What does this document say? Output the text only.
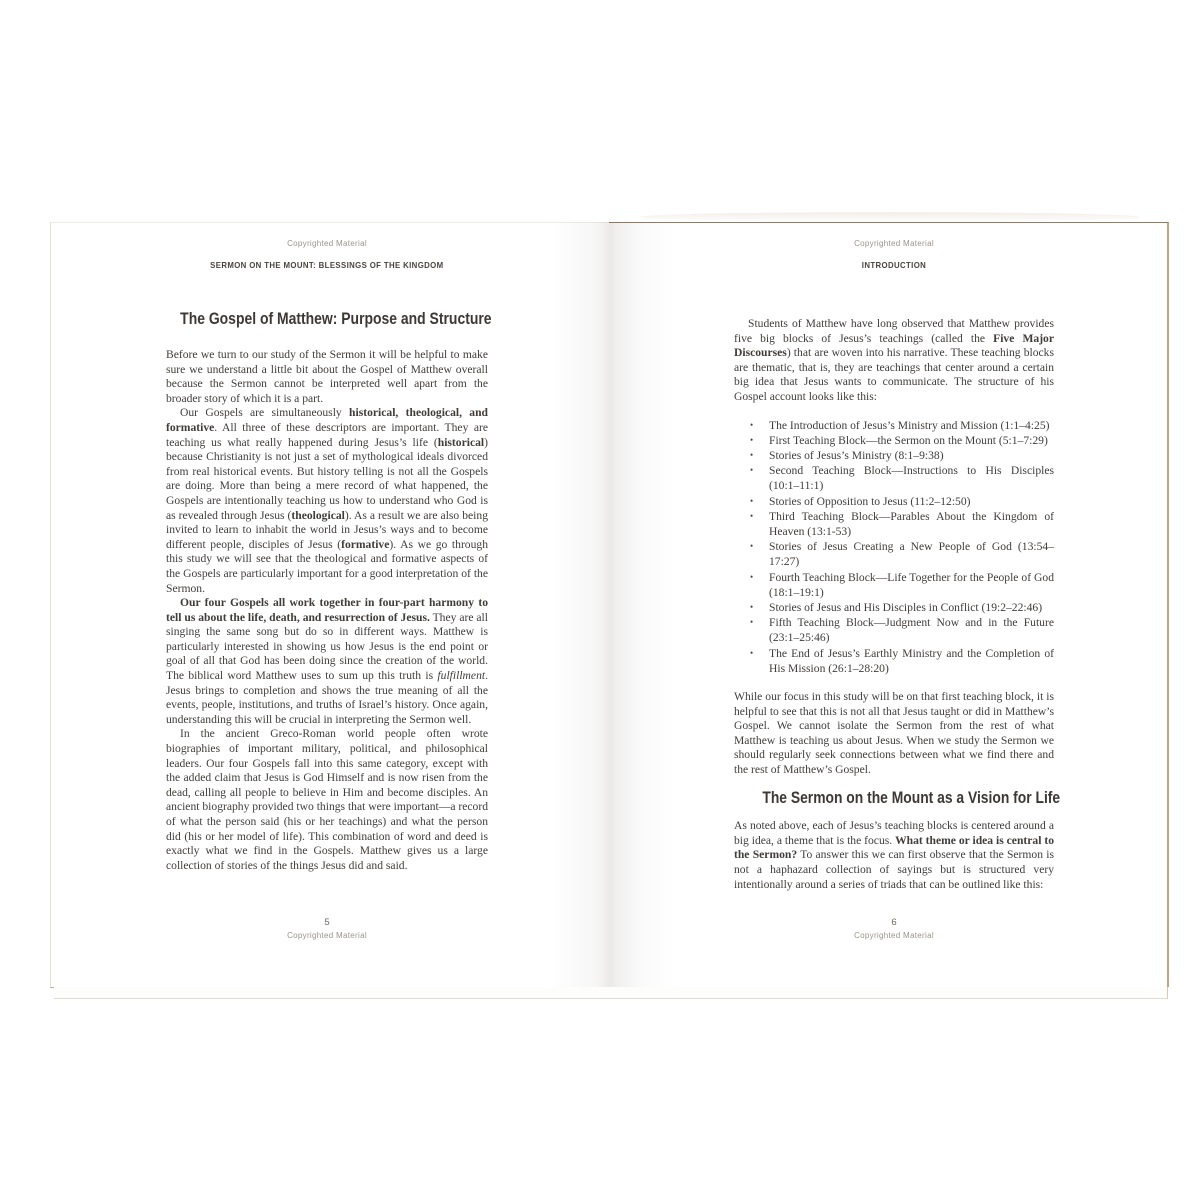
Copyrighted Material
SERMON ON THE MOUNT: BLESSINGS OF THE KINGDOM
The Gospel of Matthew: Purpose and Structure

Before we turn to our study of the Sermon it will be helpful to make sure we understand a little bit about the Gospel of Matthew overall because the Sermon cannot be interpreted well apart from the broader story of which it is a part.

Our Gospels are simultaneously historical, theological, and formative. All three of these descriptors are important. They are teaching us what really happened during Jesus’s life (historical) because Christianity is not just a set of mythological ideals divorced from real historical events. But history telling is not all the Gospels are doing. More than being a mere record of what happened, the Gospels are intentionally teaching us how to understand who God is as revealed through Jesus (theological). As a result we are also being invited to learn to inhabit the world in Jesus’s ways and to become different people, disciples of Jesus (formative). As we go through this study we will see that the theological and formative aspects of the Gospels are particularly important for a good interpretation of the Sermon.

Our four Gospels all work together in four-part harmony to tell us about the life, death, and resurrection of Jesus. They are all singing the same song but do so in different ways. Matthew is particularly interested in showing us how Jesus is the end point or goal of all that God has been doing since the creation of the world. The biblical word Matthew uses to sum up this truth is fulfillment. Jesus brings to completion and shows the true meaning of all the events, people, institutions, and truths of Israel’s history. Once again, understanding this will be crucial in interpreting the Sermon well.

In the ancient Greco-Roman world people often wrote biographies of important military, political, and philosophical leaders. Our four Gospels fall into this same category, except with the added claim that Jesus is God Himself and is now risen from the dead, calling all people to believe in Him and become disciples. An ancient biography provided two things that were important—a record of what the person said (his or her teachings) and what the person did (his or her model of life). This combination of word and deed is exactly what we find in the Gospels. Matthew gives us a large collection of stories of the things Jesus did and said.

5
Copyrighted Material
Copyrighted Material
INTRODUCTION

Students of Matthew have long observed that Matthew provides five big blocks of Jesus’s teachings (called the Five Major Discourses) that are woven into his narrative. These teaching blocks are thematic, that is, they are teachings that center around a certain big idea that Jesus wants to communicate. The structure of his Gospel account looks like this:

• The Introduction of Jesus’s Ministry and Mission (1:1–4:25)
• First Teaching Block—the Sermon on the Mount (5:1–7:29)
• Stories of Jesus’s Ministry (8:1–9:38)
• Second Teaching Block—Instructions to His Disciples (10:1–11:1)
• Stories of Opposition to Jesus (11:2–12:50)
• Third Teaching Block—Parables About the Kingdom of Heaven (13:1-53)
• Stories of Jesus Creating a New People of God (13:54–17:27)
• Fourth Teaching Block—Life Together for the People of God (18:1–19:1)
• Stories of Jesus and His Disciples in Conflict (19:2–22:46)
• Fifth Teaching Block—Judgment Now and in the Future (23:1–25:46)
• The End of Jesus’s Earthly Ministry and the Completion of His Mission (26:1–28:20)

While our focus in this study will be on that first teaching block, it is helpful to see that this is not all that Jesus taught or did in Matthew’s Gospel. We cannot isolate the Sermon from the rest of what Matthew is teaching us about Jesus. When we study the Sermon we should regularly seek connections between what we find there and the rest of Matthew’s Gospel.

The Sermon on the Mount as a Vision for Life

As noted above, each of Jesus’s teaching blocks is centered around a big idea, a theme that is the focus. What theme or idea is central to the Sermon? To answer this we can first observe that the Sermon is not a haphazard collection of sayings but is structured very intentionally around a series of triads that can be outlined like this:

6
Copyrighted Material
